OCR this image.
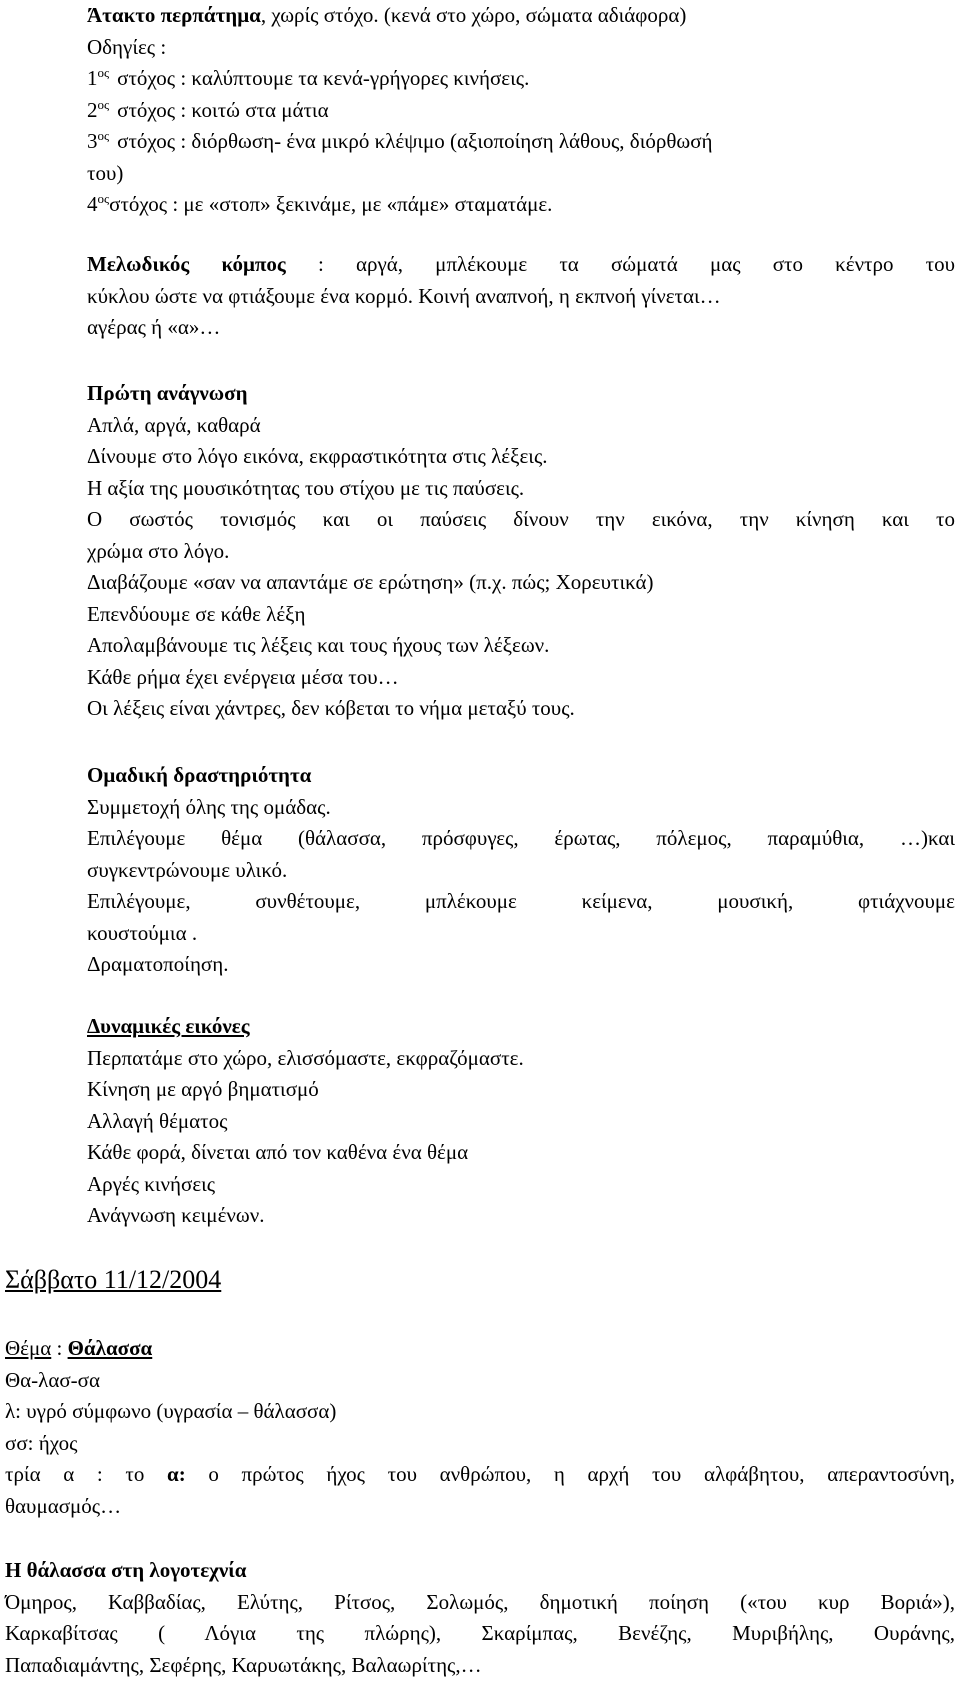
Άτακτο περπάτημα, χωρίς στόχο. (κενά στο χώρο, σώματα αδιάφορα)
Οδηγίες :
$1^{o\varsigma}$ στόχος : καλύπτουμε τα κενά-γρήγορες κινήσεις.
$2^{o\varsigma}$ στόχος : κοιτώ στα μάτια
$3^{o\varsigma}$ στόχος : διόρθωση- ένα μικρό κλέψιμο (αξιοποίηση λάθους, διόρθωσή
του)
$4^{o\varsigma}\sigma\tau ό\chi o\varsigma$ : με «στοπ» ξεκινάμε, με «πάμε» σταματάμε.
Μελωδικός κόμπος : αργά, μπλέκουμε τα σώματά μας στο κέντρο του
κύκλου ώστε να φτιάξουμε ένα κορμό. Κοινή αναπνοή, η εκπνοή γίνεται…
αγέρας ή «α»…
Πρώτη ανάγνωση
Απλά, αργά, καθαρά
Δίνουμε στο λόγο εικόνα, εκφραστικότητα στις λέξεις.
Η αξία της μουσικότητας του στίχου με τις παύσεις.
Ο σωστός τονισμός και οι παύσεις δίνουν την εικόνα, την κίνηση και το
χρώμα στο λόγο.
Διαβάζουμε «σαν να απαντάμε σε ερώτηση» (π.χ. πώς; Χορευτικά)
Επενδύουμε σε κάθε λέξη
Απολαμβάνουμε τις λέξεις και τους ήχους των λέξεων.
Κάθε ρήμα έχει ενέργεια μέσα του…
Οι λέξεις είναι χάντρες, δεν κόβεται το νήμα μεταξύ τους.
Ομαδική δραστηριότητα
Συμμετοχή όλης της ομάδας.
Επιλέγουμε θέμα (θάλασσα, πρόσφυγες, έρωτας, πόλεμος, παραμύθια, …)και
συγκεντρώνουμε υλικό.
Επιλέγουμε, συνθέτουμε, μπλέκουμε κείμενα, μουσική, φτιάχνουμε
κουστούμια .
Δραματοποίηση.
Δυναμικές εικόνες
Περπατάμε στο χώρο, ελισσόμαστε, εκφραζόμαστε.
Κίνηση με αργό βηματισμό
Αλλαγή θέματος
Κάθε φορά, δίνεται από τον καθένα ένα θέμα
Αργές κινήσεις
Ανάγνωση κειμένων.
Σάββατο 11/12/2004
Θέμα : Θάλασσα
Θα-λασ-σα
λ: υγρό σύμφωνο (υγρασία – θάλασσα)
σσ: ήχος
τρία α : το α: ο πρώτος ήχος του ανθρώπου, η αρχή του αλφάβητου, απεραντοσύνη,
θαυμασμός…
Η θάλασσα στη λογοτεχνία
Όμηρος, Καββαδίας, Ελύτης, Ρίτσος, Σολωμός, δημοτική ποίηση («του κυρ Βοριά»),
Καρκαβίτσας ( Λόγια της πλώρης), Σκαρίμπας, Βενέζης, Μυριβήλης, Ουράνης,
Παπαδιαμάντης, Σεφέρης, Καρυωτάκης, Βαλαωρίτης,…
